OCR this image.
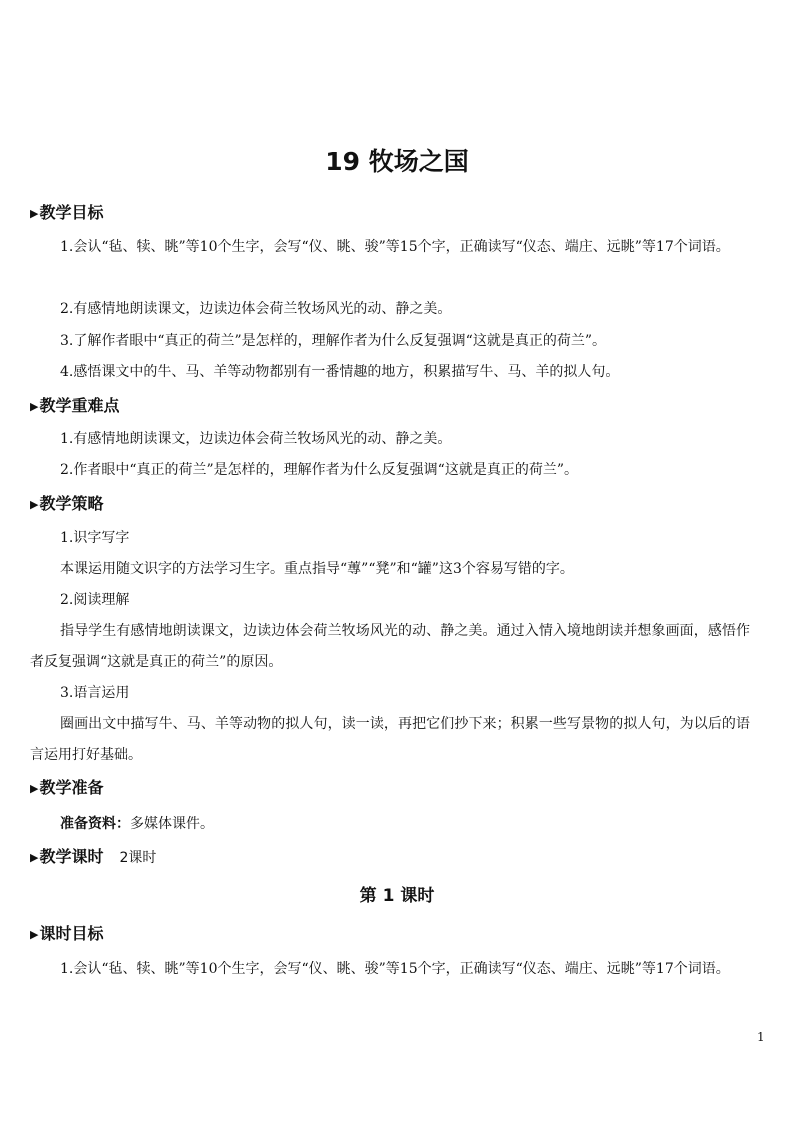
19 牧场之国
▶教学目标

1.会认“毡、犊、眺”等10个生字，会写“仪、眺、骏”等15个字，正确读写“仪态、端庄、远眺”等17个词语。

2.有感情地朗读课文，边读边体会荷兰牧场风光的动、静之美。

3.了解作者眼中“真正的荷兰”是怎样的，理解作者为什么反复强调“这就是真正的荷兰”。

4.感悟课文中的牛、马、羊等动物都别有一番情趣的地方，积累描写牛、马、羊的拟人句。

▶教学重难点

1.有感情地朗读课文，边读边体会荷兰牧场风光的动、静之美。

2.作者眼中“真正的荷兰”是怎样的，理解作者为什么反复强调“这就是真正的荷兰”。

▶教学策略

1.识字写字

本课运用随文识字的方法学习生字。重点指导“蓴”“凳”和“罐”这3个容易写错的字。

2.阅读理解

指导学生有感情地朗读课文，边读边体会荷兰牧场风光的动、静之美。通过入情入境地朗读并想象画面，感悟作者反复强调“这就是真正的荷兰”的原因。

3.语言运用

圈画出文中描写牛、马、羊等动物的拟人句，读一读，再把它们抄下来；积累一些写景物的拟人句，为以后的语言运用打好基础。

▶教学准备

准备资料：多媒体课件。

▶教学课时 2课时
第 1 课时
▶课时目标

1.会认“毡、犊、眺”等10个生字，会写“仪、眺、骏”等15个字，正确读写“仪态、端庄、远眺”等17个词语。

1
